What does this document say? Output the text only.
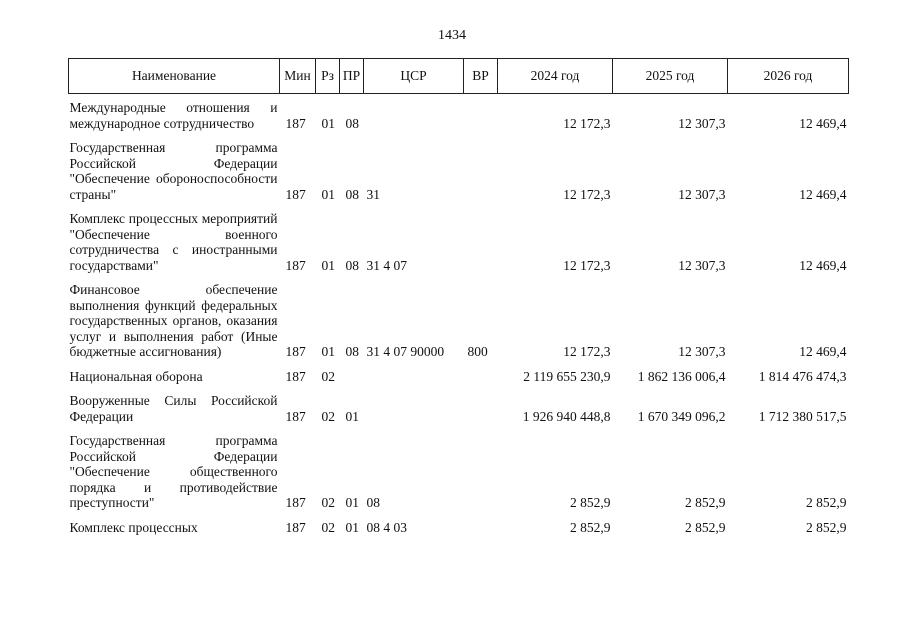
1434
Наименование	Мин	Рз	ПР	ЦСР	ВР	2024 год	2025 год	2026 год
Международные отношения и международное сотрудничество	187	01	08			12 172,3	12 307,3	12 469,4
Государственная программа Российской Федерации "Обеспечение обороноспособности страны"	187	01	08	31		12 172,3	12 307,3	12 469,4
Комплекс процессных мероприятий "Обеспечение военного сотрудничества с иностранными государствами"	187	01	08	31 4 07		12 172,3	12 307,3	12 469,4
Финансовое обеспечение выполнения функций федеральных государственных органов, оказания услуг и выполнения работ (Иные бюджетные ассигнования)	187	01	08	31 4 07 90000	800	12 172,3	12 307,3	12 469,4
Национальная оборона	187	02				2 119 655 230,9	1 862 136 006,4	1 814 476 474,3
Вооруженные Силы Российской Федерации	187	02	01			1 926 940 448,8	1 670 349 096,2	1 712 380 517,5
Государственная программа Российской Федерации "Обеспечение общественного порядка и противодействие преступности"	187	02	01	08		2 852,9	2 852,9	2 852,9
Комплекс процессных	187	02	01	08 4 03		2 852,9	2 852,9	2 852,9
